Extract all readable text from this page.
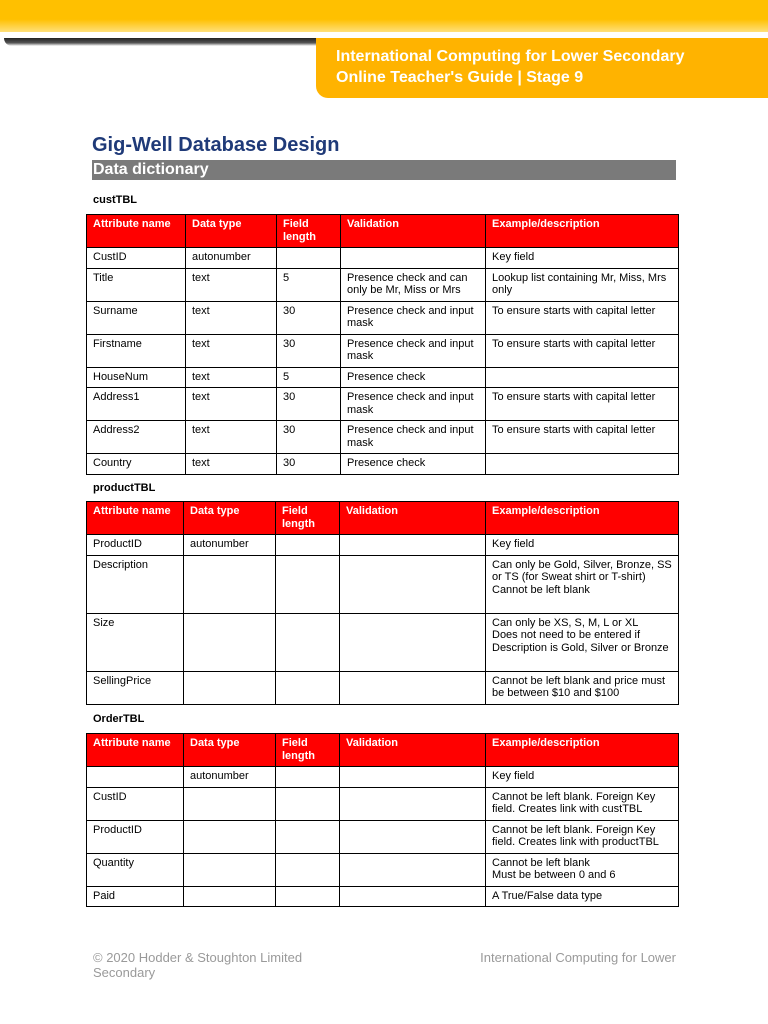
International Computing for Lower Secondary
Online Teacher's Guide | Stage 9
Gig-Well Database Design
Data dictionary
custTBL
Attribute name	Data type	Field length	Validation	Example/description
CustID	autonumber			Key field
Title	text	5	Presence check and can only be Mr, Miss or Mrs	Lookup list containing Mr, Miss, Mrs only
Surname	text	30	Presence check and input mask	To ensure starts with capital letter
Firstname	text	30	Presence check and input mask	To ensure starts with capital letter
HouseNum	text	5	Presence check	
Address1	text	30	Presence check and input mask	To ensure starts with capital letter
Address2	text	30	Presence check and input mask	To ensure starts with capital letter
Country	text	30	Presence check	
productTBL
Attribute name	Data type	Field length	Validation	Example/description
ProductID	autonumber			Key field
Description				Can only be Gold, Silver, Bronze, SS or TS (for Sweat shirt or T-shirt)
Cannot be left blank
Size				Can only be XS, S, M, L or XL
Does not need to be entered if Description is Gold, Silver or Bronze
SellingPrice				Cannot be left blank and price must be between $10 and $100
OrderTBL
Attribute name	Data type	Field length	Validation	Example/description
	autonumber			Key field
CustID				Cannot be left blank. Foreign Key field. Creates link with custTBL
ProductID				Cannot be left blank. Foreign Key field. Creates link with productTBL
Quantity				Cannot be left blank
Must be between 0 and 6
Paid				A True/False data type
© 2020 Hodder & Stoughton Limited Secondary
International Computing for Lower
